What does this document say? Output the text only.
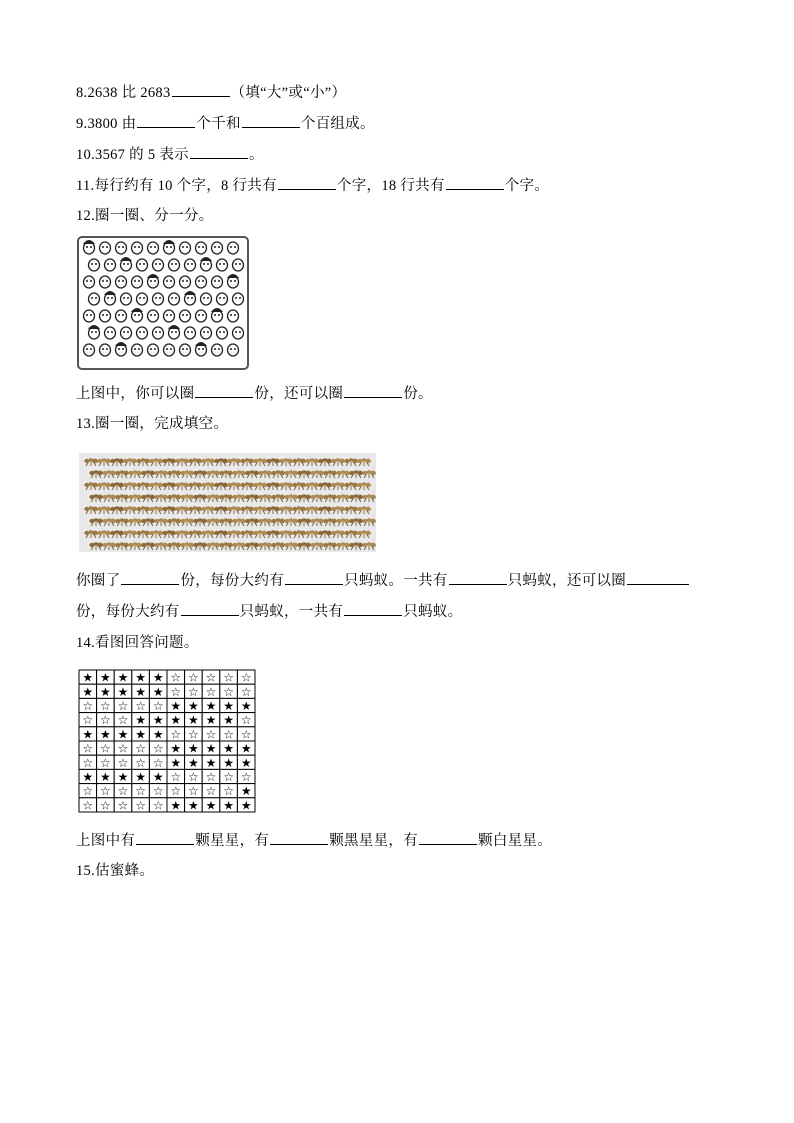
8.2638 比 2683	（填“大”或“小”）
9.3800 由	个千和	个百组成。
10.3567 的 5 表示	。
11.每行约有 10 个字，8 行共有	个字，18 行共有	个字。
12.圈一圈、分一分。
上图中，你可以圈	份，还可以圈	份。
13.圈一圈，完成填空。
你圈了	份，每份大约有	只蚂蚁。一共有	只蚂蚁，还可以圈
份，每份大约有	只蚂蚁，一共有	只蚂蚁。
14.看图回答问题。
★ ★ ★ ★ ★ ☆ ☆ ☆ ☆ ☆
★ ★ ★ ★ ★ ☆ ☆ ☆ ☆ ☆
☆ ☆ ☆ ☆ ☆ ★ ★ ★ ★ ★
☆ ☆ ☆ ★ ★ ★ ★ ★ ★ ☆
★ ★ ★ ★ ★ ☆ ☆ ☆ ☆ ☆
☆ ☆ ☆ ☆ ☆ ★ ★ ★ ★ ★
☆ ☆ ☆ ☆ ☆ ★ ★ ★ ★ ★
★ ★ ★ ★ ★ ☆ ☆ ☆ ☆ ☆
☆ ☆ ☆ ☆ ☆ ☆ ☆ ☆ ☆ ★
☆ ☆ ☆ ☆ ☆ ★ ★ ★ ★ ★
上图中有	颗星星，有	颗黑星星，有	颗白星星。
15.估蜜蜂。
